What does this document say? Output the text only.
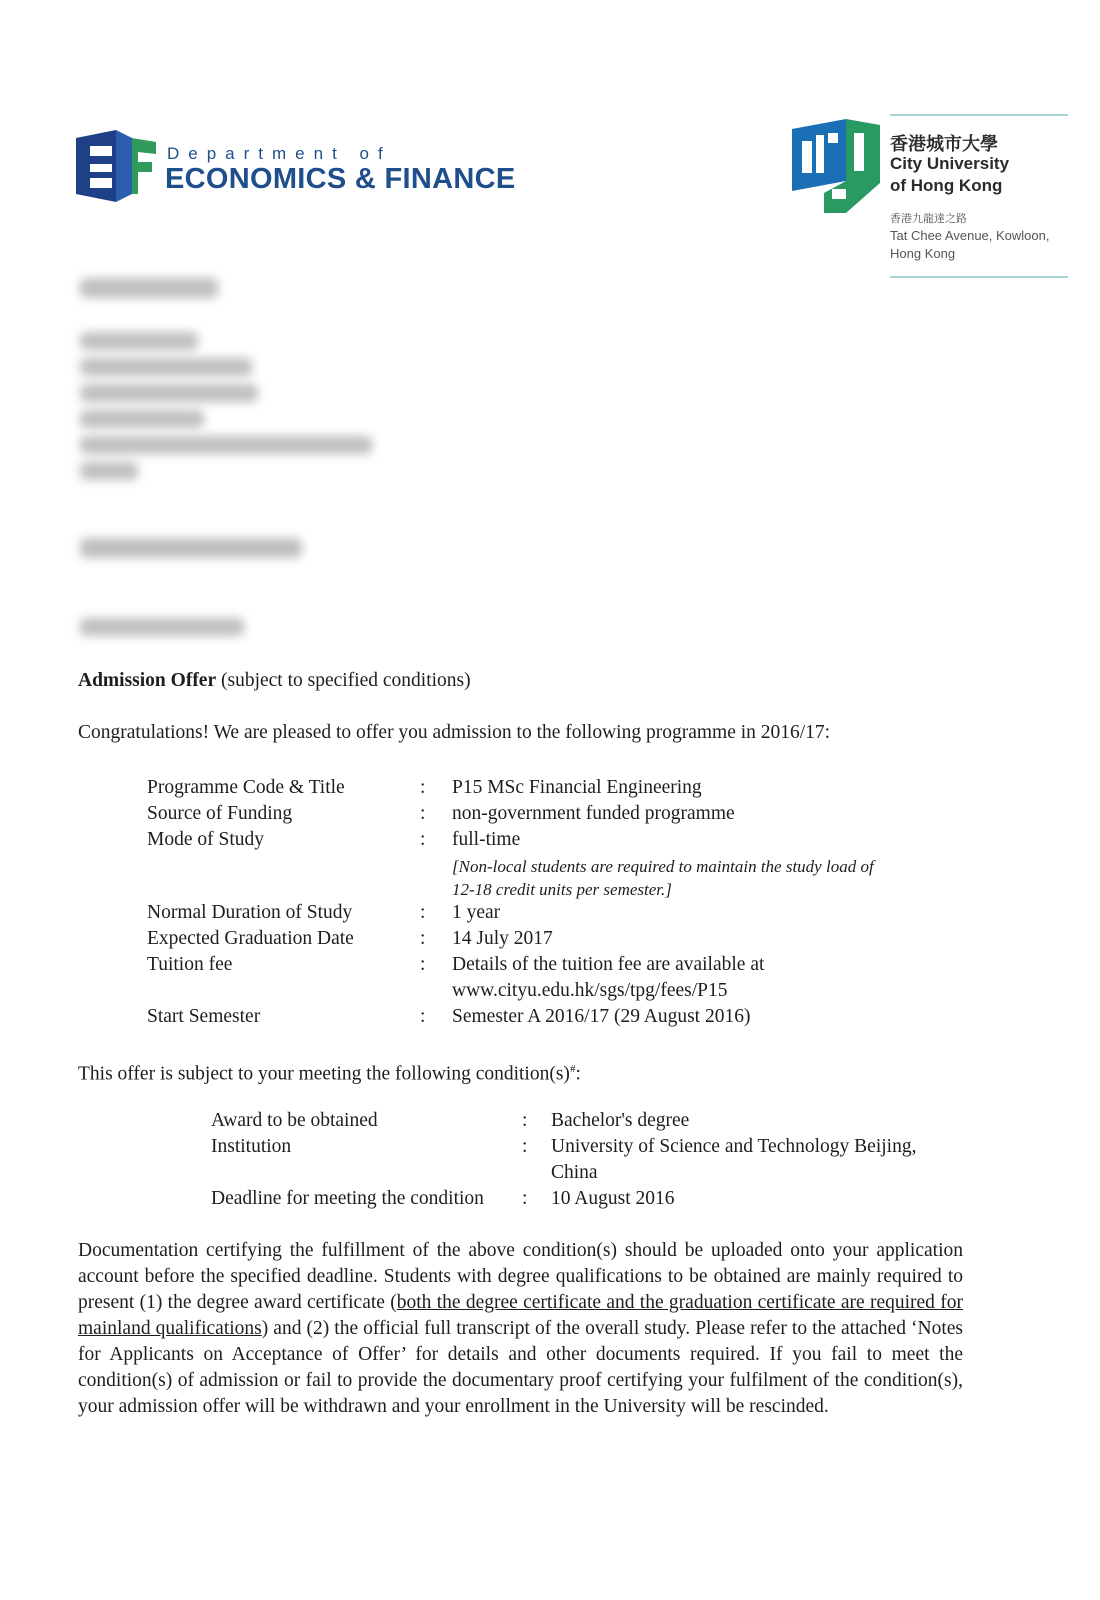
Department of
ECONOMICS & FINANCE
香港城市大學
City University
of Hong Kong
香港九龍達之路
Tat Chee Avenue, Kowloon,
Hong Kong
Admission Offer (subject to specified conditions)
Congratulations! We are pleased to offer you admission to the following programme in 2016/17:
Programme Code & Title	: P15 MSc Financial Engineering
Source of Funding	: non-government funded programme
Mode of Study	: full-time
[Non-local students are required to maintain the study load of
12-18 credit units per semester.]
Normal Duration of Study	: 1 year
Expected Graduation Date	: 14 July 2017
Tuition fee	: Details of the tuition fee are available at
www.cityu.edu.hk/sgs/tpg/fees/P15
Start Semester	: Semester A 2016/17 (29 August 2016)
This offer is subject to your meeting the following condition(s)#:
Award to be obtained	: Bachelor's degree
Institution	: University of Science and Technology Beijing,
China
Deadline for meeting the condition : 10 August 2016
Documentation certifying the fulfillment of the above condition(s) should be uploaded onto your application account before the specified deadline. Students with degree qualifications to be obtained are mainly required to present (1) the degree award certificate (both the degree certificate and the graduation certificate are required for mainland qualifications) and (2) the official full transcript of the overall study. Please refer to the attached ‘Notes for Applicants on Acceptance of Offer’ for details and other documents required. If you fail to meet the condition(s) of admission or fail to provide the documentary proof certifying your fulfilment of the condition(s), your admission offer will be withdrawn and your enrollment in the University will be rescinded.
